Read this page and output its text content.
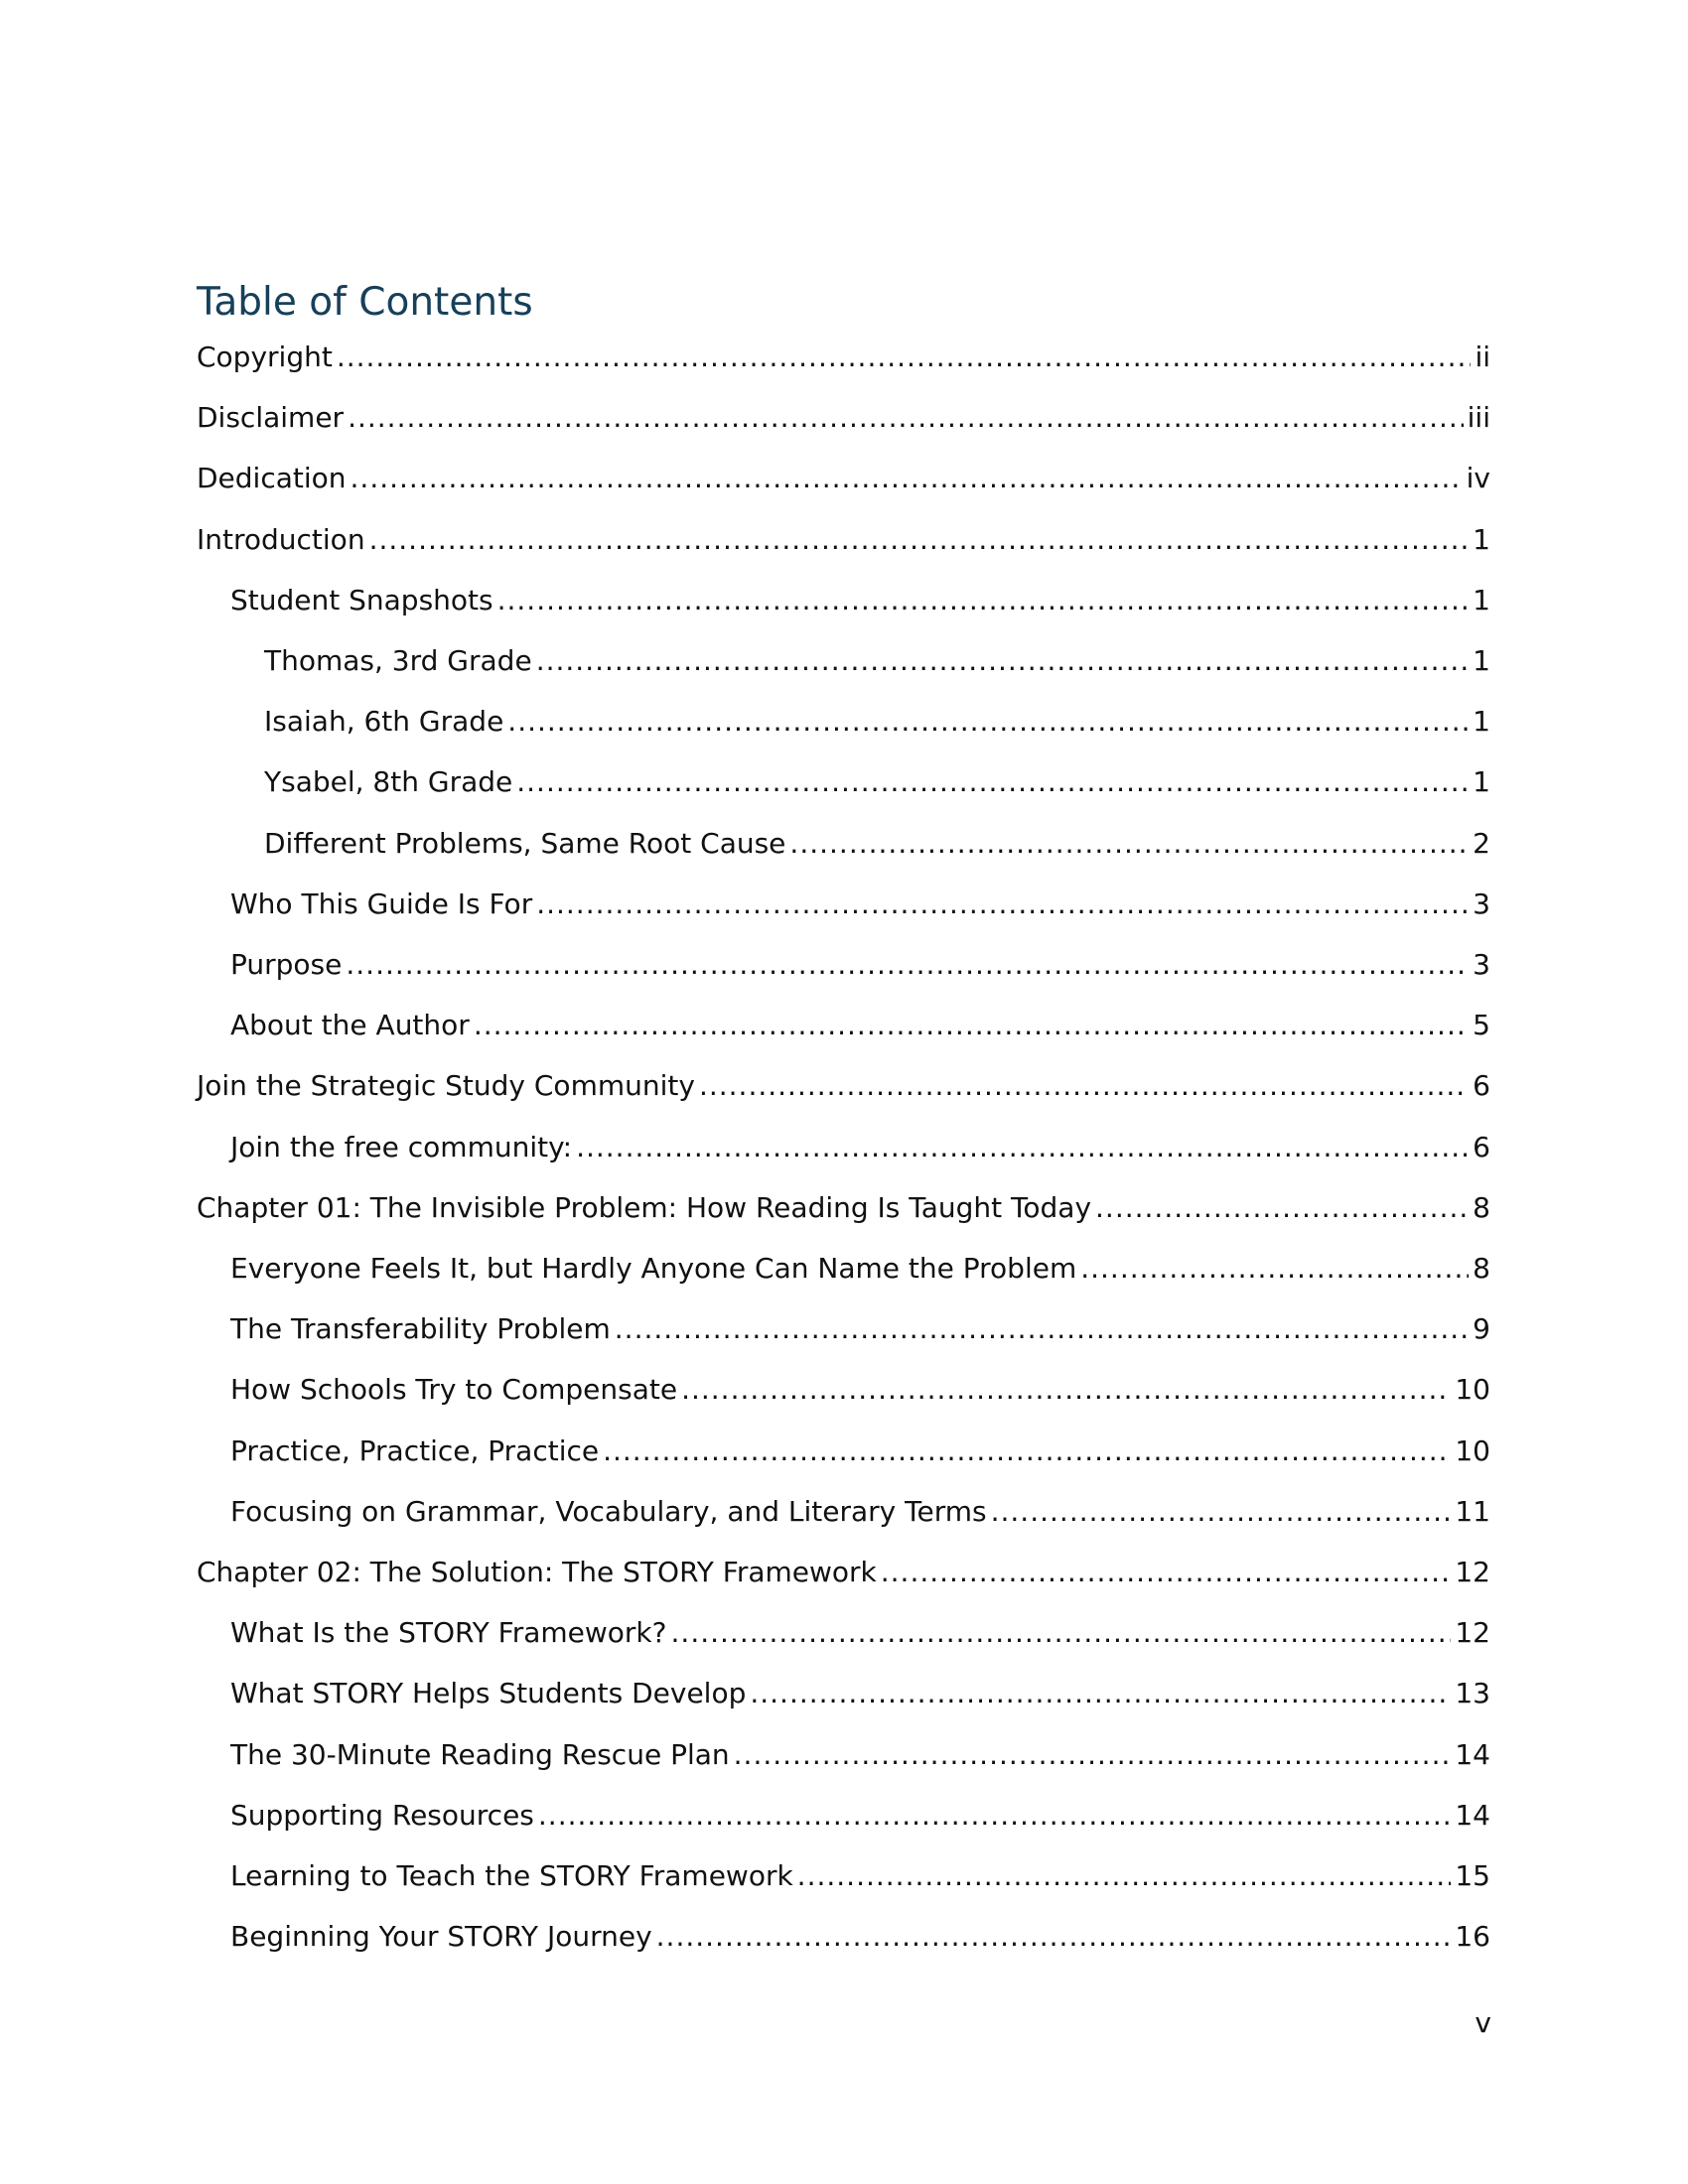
Table of Contents
Copyright .....	ii
Disclaimer .....	iii
Dedication .....	iv
Introduction .....	1
Student Snapshots .....	1
Thomas, 3rd Grade .....	1
Isaiah, 6th Grade .....	1
Ysabel, 8th Grade .....	1
Different Problems, Same Root Cause .....	2
Who This Guide Is For .....	3
Purpose .....	3
About the Author .....	5
Join the Strategic Study Community .....	6
Join the free community: .....	6
Chapter 01: The Invisible Problem: How Reading Is Taught Today .....	8
Everyone Feels It, but Hardly Anyone Can Name the Problem .....	8
The Transferability Problem .....	9
How Schools Try to Compensate .....	10
Practice, Practice, Practice .....	10
Focusing on Grammar, Vocabulary, and Literary Terms .....	11
Chapter 02: The Solution: The STORY Framework .....	12
What Is the STORY Framework? .....	12
What STORY Helps Students Develop .....	13
The 30-Minute Reading Rescue Plan .....	14
Supporting Resources .....	14
Learning to Teach the STORY Framework .....	15
Beginning Your STORY Journey .....	16
v
